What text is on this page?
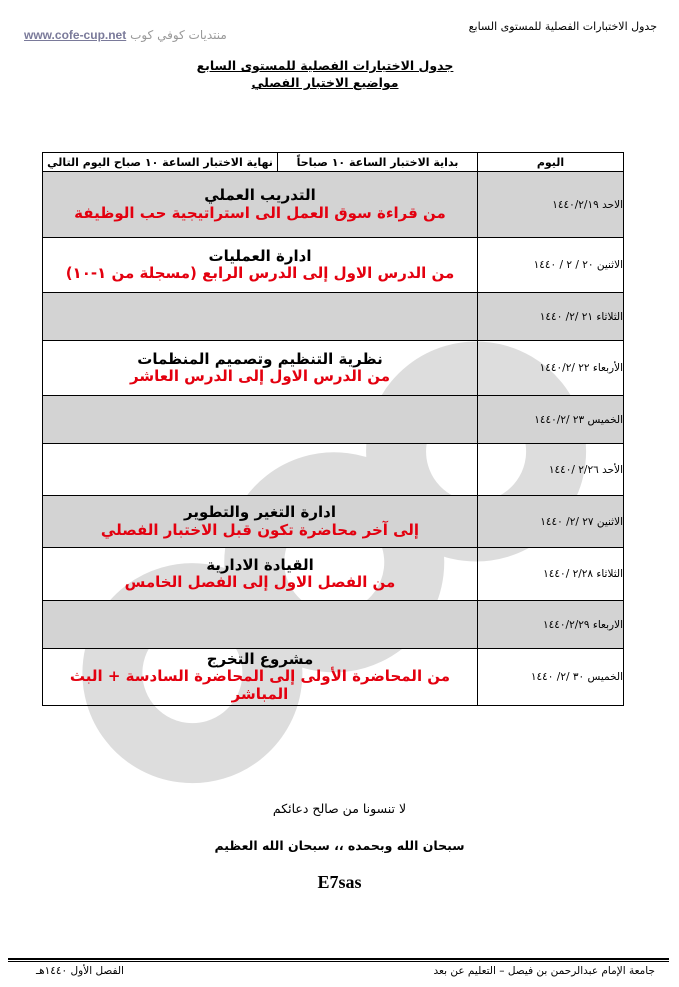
جدول الاختبارات الفصلية للمستوى السابع
منتديات كوفي كوب www.cofe-cup.net
جدول الاختبارات الفصلية للمستوى السابع
مواضيع الاختبار الفصلي
اليوم	بداية الاختبار الساعة ١٠ صباحاً	نهاية الاختبار الساعة ١٠ صباح اليوم التالي
الاحد ١٤٤٠/٢/١٩	التدريب العملي
من قراءة سوق العمل الى استراتيجية حب الوظيفة	

الاثنين ٢٠ / ٢ / ١٤٤٠	ادارة العمليات
من الدرس الاول إلى الدرس الرابع (مسجلة من ١-١٠)	

الثلاثاء ٢١ /٢/ ١٤٤٠		
الأربعاء ٢٢ /١٤٤٠/٢	نظرية التنظيم وتصميم المنظمات
من الدرس الاول إلى الدرس العاشر	

الخميس ٢٣ /١٤٤٠/٢		
الأحد ٢/٢٦ /١٤٤٠		
الاثنين ٢٧ /٢/ ١٤٤٠	ادارة التغير والتطوير
إلى آخر محاضرة تكون قبل الاختبار الفصلي	

الثلاثاء ٢/٢٨ /١٤٤٠	القيادة الادارية
من الفصل الاول إلى الفصل الخامس	

الاربعاء ١٤٤٠/٢/٢٩		
الخميس ٣٠ /٢/ ١٤٤٠	مشروع التخرج
من المحاضرة الأولى إلى المحاضرة السادسة + البث المباشر	
لا تنسونا من صالح دعائكم
سبحان الله وبحمده ،، سبحان الله العظيم
E7sas
جامعة الإمام عبدالرحمن بن فيصل – التعليم عن بعد
الفصل الأول ١٤٤٠هـ
